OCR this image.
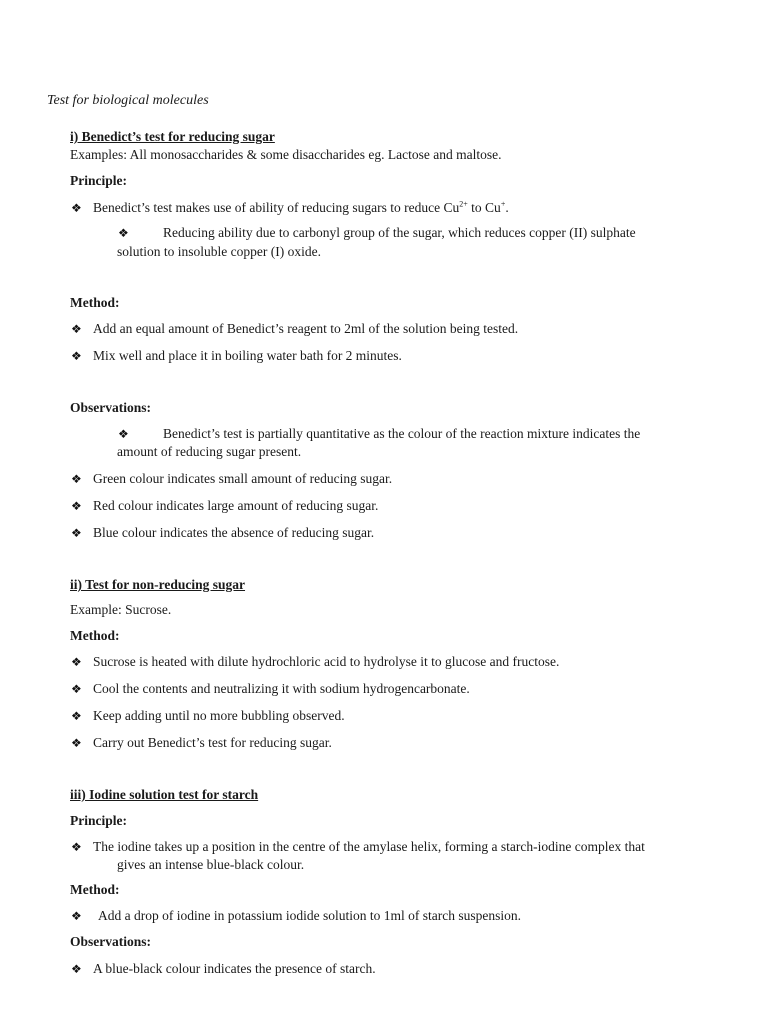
Test for biological molecules
i) Benedict’s test for reducing sugar
Examples: All monosaccharides & some disaccharides eg. Lactose and maltose.
Principle:
❖ Benedict’s test makes use of ability of reducing sugars to reduce $Cu^{2+}$ to Cu+.
❖	Reducing ability due to carbonyl group of the sugar, which reduces copper (II) sulphate
solution to insoluble copper (I) oxide.
Method:
❖ Add an equal amount of Benedict’s reagent to 2ml of the solution being tested.
❖ Mix well and place it in boiling water bath for 2 minutes.
Observations:
❖	Benedict’s test is partially quantitative as the colour of the reaction mixture indicates the
amount of reducing sugar present.
❖ Green colour indicates small amount of reducing sugar.
❖ Red colour indicates large amount of reducing sugar.
❖ Blue colour indicates the absence of reducing sugar.
ii) Test for non-reducing sugar
Example: Sucrose.
Method:
❖ Sucrose is heated with dilute hydrochloric acid to hydrolyse it to glucose and fructose.
❖ Cool the contents and neutralizing it with sodium hydrogencarbonate.
❖ Keep adding until no more bubbling observed.
❖ Carry out Benedict’s test for reducing sugar.
iii) Iodine solution test for starch
Principle:
❖ The iodine takes up a position in the centre of the amylase helix, forming a starch-iodine complex that
gives an intense blue-black colour.
Method:
❖ Add a drop of iodine in potassium iodide solution to 1ml of starch suspension.
Observations:
❖ A blue-black colour indicates the presence of starch.
